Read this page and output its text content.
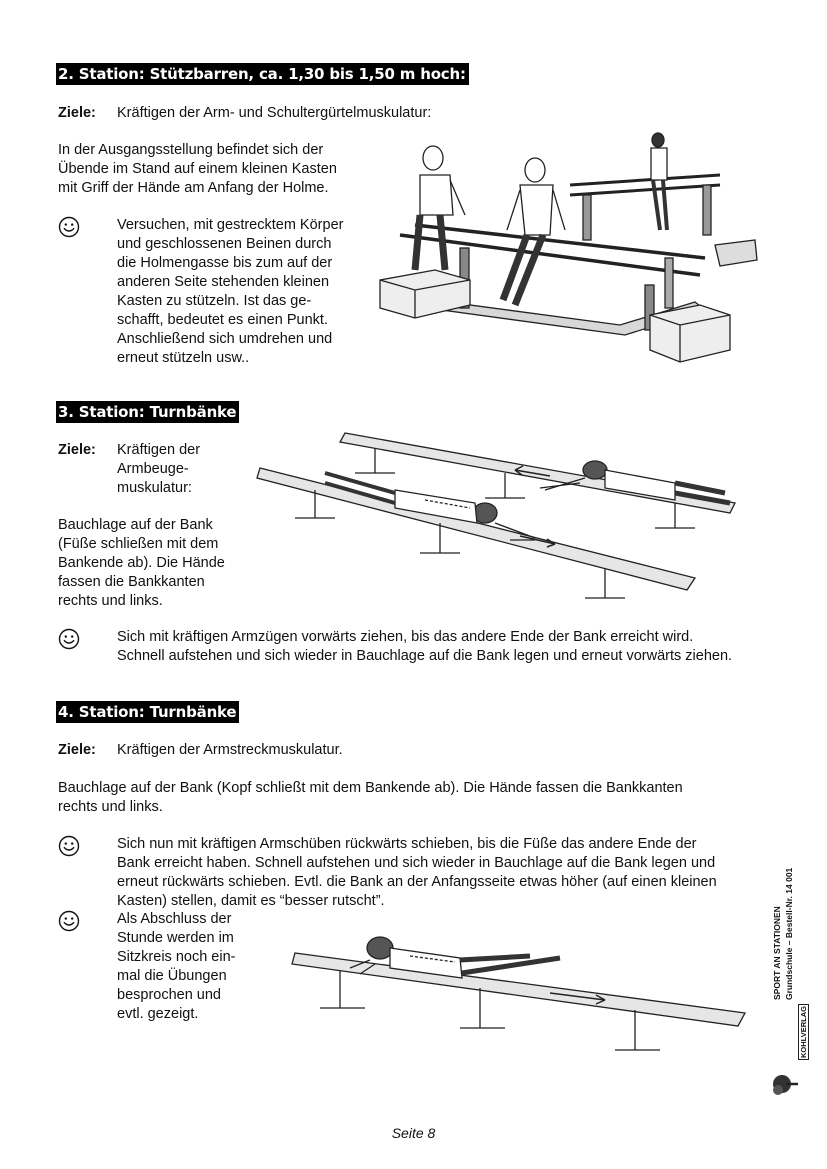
2. Station: Stützbarren, ca. 1,30 bis 1,50 m hoch:
Ziele: Kräftigen der Arm- und Schultergürtelmuskulatur:
In der Ausgangsstellung befindet sich der
Übende im Stand auf einem kleinen Kasten
mit Griff der Hände am Anfang der Holme.
Versuchen, mit gestrecktem Körper
und geschlossenen Beinen durch
die Holmengasse bis zum auf der
anderen Seite stehenden kleinen
Kasten zu stützeln. Ist das ge-
schafft, bedeutet es einen Punkt.
Anschließend sich umdrehen und
erneut stützeln usw..
3. Station: Turnbänke
Ziele: Kräftigen der
Armbeuge-
muskulatur:
Bauchlage auf der Bank
(Füße schließen mit dem
Bankende ab). Die Hände
fassen die Bankkanten
rechts und links.
Sich mit kräftigen Armzügen vorwärts ziehen, bis das andere Ende der Bank erreicht wird.
Schnell aufstehen und sich wieder in Bauchlage auf die Bank legen und erneut vorwärts ziehen.
4. Station: Turnbänke
Ziele: Kräftigen der Armstreckmuskulatur.
Bauchlage auf der Bank (Kopf schließt mit dem Bankende ab). Die Hände fassen die Bankkanten
rechts und links.
Sich nun mit kräftigen Armschüben rückwärts schieben, bis die Füße das andere Ende der
Bank erreicht haben. Schnell aufstehen und sich wieder in Bauchlage auf die Bank legen und
erneut rückwärts schieben. Evtl. die Bank an der Anfangsseite etwas höher (auf einen kleinen
Kasten) stellen, damit es “besser rutscht”.
Als Abschluss der
Stunde werden im
Sitzkreis noch ein-
mal die Übungen
besprochen und
evtl. gezeigt.	KOHLVERLAG
SPORT AN STATIONEN Grundschule – Bestell-Nr. 14 001
Seite 8
